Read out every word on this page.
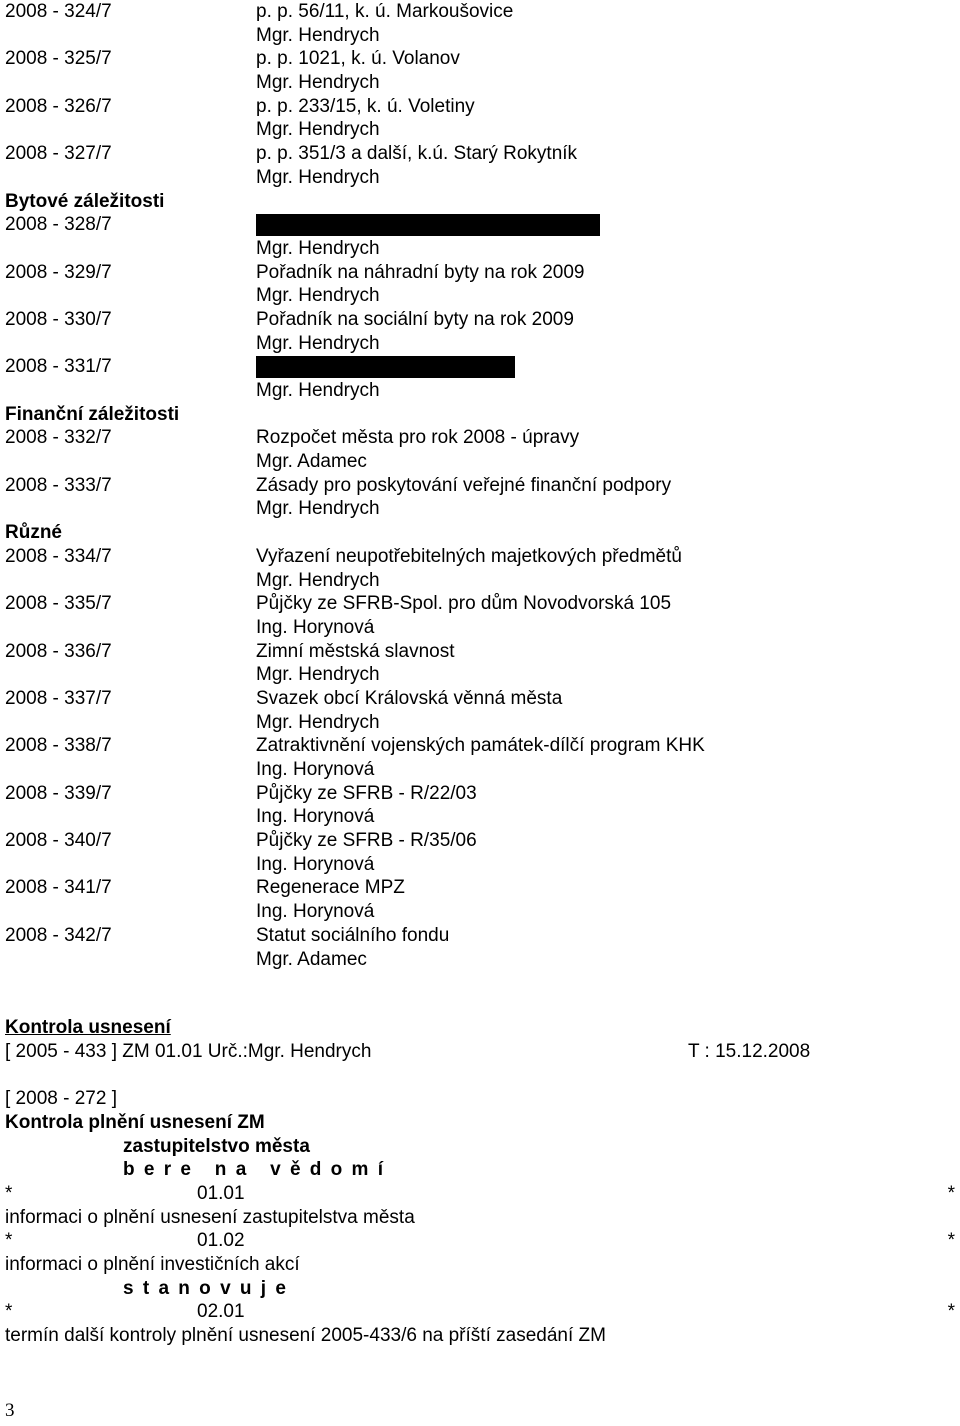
2008 - 324/7	p. p. 56/11, k. ú. Markoušovice
Mgr. Hendrych
2008 - 325/7	p. p. 1021, k. ú. Volanov
Mgr. Hendrych
2008 - 326/7	p. p. 233/15, k. ú. Voletiny
Mgr. Hendrych
2008 - 327/7	p. p. 351/3 a další, k.ú. Starý Rokytník
Mgr. Hendrych
Bytové záležitosti
2008 - 328/7
Mgr. Hendrych
2008 - 329/7	Pořadník na náhradní byty na rok 2009
Mgr. Hendrych
2008 - 330/7	Pořadník na sociální byty na rok 2009
Mgr. Hendrych
2008 - 331/7
Mgr. Hendrych
Finanční záležitosti
2008 - 332/7	Rozpočet města pro rok 2008 - úpravy
Mgr. Adamec
2008 - 333/7	Zásady pro poskytování veřejné finanční podpory
Mgr. Hendrych
Různé
2008 - 334/7	Vyřazení neupotřebitelných majetkových předmětů
Mgr. Hendrych
2008 - 335/7	Půjčky ze SFRB-Spol. pro dům Novodvorská 105
Ing. Horynová
2008 - 336/7	Zimní městská slavnost
Mgr. Hendrych
2008 - 337/7	Svazek obcí Královská věnná města
Mgr. Hendrych
2008 - 338/7	Zatraktivnění vojenských památek-dílčí program KHK
Ing. Horynová
2008 - 339/7	Půjčky ze SFRB - R/22/03
Ing. Horynová
2008 - 340/7	Půjčky ze SFRB - R/35/06
Ing. Horynová
2008 - 341/7	Regenerace MPZ
Ing. Horynová
2008 - 342/7	Statut sociálního fondu
Mgr. Adamec
Kontrola usnesení
[ 2005 - 433 ] ZM 01.01 Urč.:Mgr. Hendrych	T : 15.12.2008
[ 2008 - 272 ]
Kontrola plnění usnesení ZM
zastupitelstvo města
b e r e   n a   v ě d o m í
*	01.01	*
informaci o plnění usnesení zastupitelstva města
*	01.02	*
informaci o plnění investičních akcí
s t a n o v u j e
*	02.01	*
termín další kontroly plnění usnesení 2005-433/6 na příští zasedání ZM
3
